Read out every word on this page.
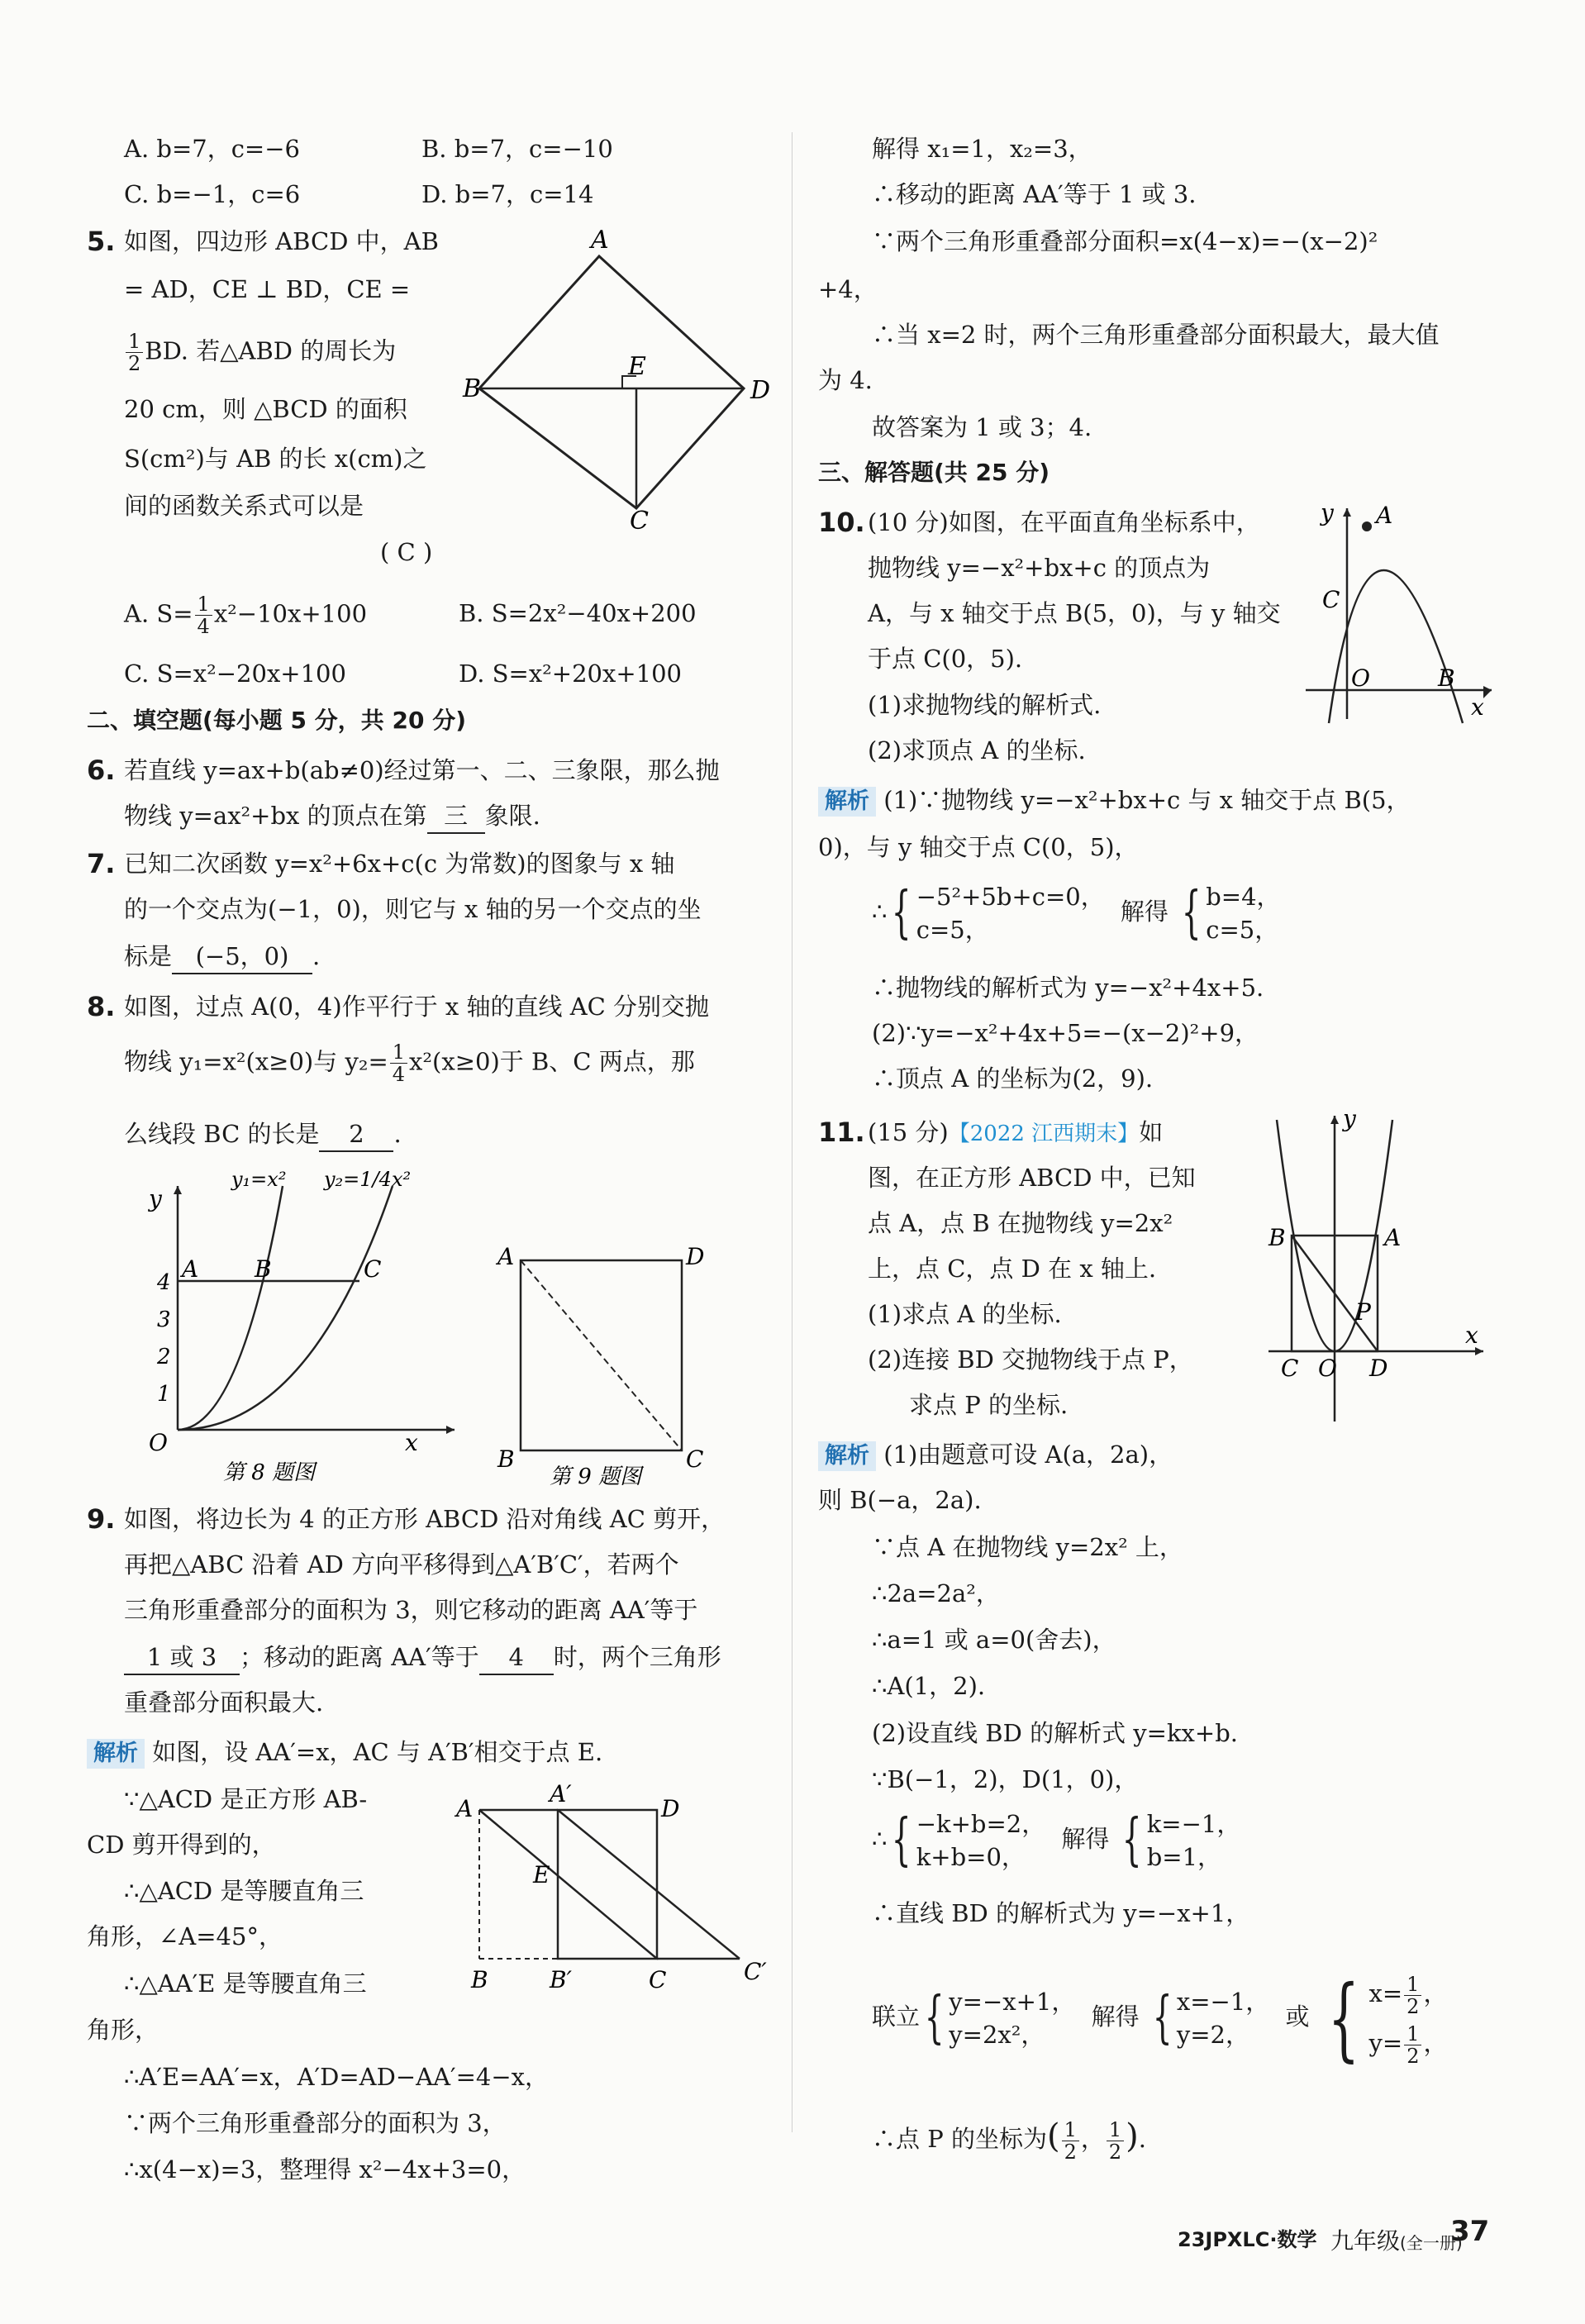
A. b=7，c=−6	B. b=7，c=−10
C. b=−1，c=6	D. b=7，c=14
5. 如图，四边形 ABCD 中，AB
= AD，CE ⊥ BD，CE =
$\frac{1}{2}$ BD. 若△ABD 的周长为
20 cm，则 △BCD 的面积
S(cm²)与 AB 的长 x(cm)之
间的函数关系式可以是
( C )
A
B
C
D
E
A. $S= \frac{1}{4} x^2-10x+100$	B. S=2x²−40x+200
C. S=x²−20x+100	D. S=x²+20x+100
二、填空题(每小题 5 分，共 20 分)
6. 若直线 y=ax+b(ab≠0)经过第一、二、三象限，那么抛
物线 y=ax²+bx 的顶点在第 三 象限.
7. 已知二次函数 y=x²+6x+c(c 为常数)的图象与 x 轴
的一个交点为(−1，0)，则它与 x 轴的另一个交点的坐
标是 (−5，0) .
8. 如图，过点 A(0，4)作平行于 x 轴的直线 AC 分别交抛
物线 y₁=x²(x≥0)与 $y_2= \frac{1}{4} x^2(x\ge 0)$于 B、C 两点，那
么线段 BC 的长是 2 .
y₁=x² y₂=1/4x²
4
3
2
1
A B	C
O	x
y
第 8 题图
A	D
B	C
第 9 题图
9. 如图，将边长为 4 的正方形 ABCD 沿对角线 AC 剪开，
再把△ABC 沿着 AD 方向平移得到△A′B′C′，若两个
三角形重叠部分的面积为 3，则它移动的距离 AA′等于
1 或 3 ；移动的距离 AA′等于 4 时，两个三角形
重叠部分面积最大.
解析 如图，设 AA′=x，AC 与 A′B′相交于点 E.
∵△ACD 是正方形 AB-
CD 剪开得到的，
∴△ACD 是等腰直角三
角形，∠A=45°，
∴△AA′E 是等腰直角三
角形，
∴A′E=AA′=x，A′D=AD−AA′=4−x，
∵两个三角形重叠部分的面积为 3，
∴x(4−x)=3，整理得 x²−4x+3=0，
A
A′
D
E
B	B′	C	C′
解得 x₁=1，x₂=3，
∴移动的距离 AA′等于 1 或 3.
∵两个三角形重叠部分面积=x(4−x)=−(x−2)²
+4，
∴当 x=2 时，两个三角形重叠部分面积最大，最大值
为 4.
故答案为 1 或 3；4.
三、解答题(共 25 分)
10. (10 分)如图，在平面直角坐标系中，
抛物线 y=−x²+bx+c 的顶点为
A，与 x 轴交于点 B(5，0)，与 y 轴交
于点 C(0，5).
(1)求抛物线的解析式.
(2)求顶点 A 的坐标.
A
y
C
O	B
x
解析 (1)∵抛物线 y=−x²+bx+c 与 x 轴交于点 B(5，
0)，与 y 轴交于点 C(0，5)，
∴{ −5²+5b+c=0，
c=5，
解得 { b=4，
c=5，
∴抛物线的解析式为 y=−x²+4x+5.
(2)∵y=−x²+4x+5=−(x−2)²+9，
∴顶点 A 的坐标为(2，9).
11. (15 分)【2022 江西期末】如
图，在正方形 ABCD 中，已知
点 A，点 B 在抛物线 y=2x²
上，点 C，点 D 在 x 轴上.
(1)求点 A 的坐标.
(2)连接 BD 交抛物线于点 P，
求点 P 的坐标.
B	A
P
C O D
x
y
解析 (1)由题意可设 A(a，2a)，
则 B(−a，2a).
∵点 A 在抛物线 y=2x² 上，
∴2a=2a²，
∴a=1 或 a=0(舍去)，
∴A(1，2).
(2)设直线 BD 的解析式 y=kx+b.
∵B(−1，2)，D(1，0)，
∴{ −k+b=2，
k+b=0，
解得 { k=−1，
b=1，
∴直线 BD 的解析式为 y=−x+1，
联立{ y=−x+1，
y=2x²，
解得 { x=−1，
y=2，
或 { $x= \frac{1}{2}$ ，
$y= \frac{1}{2}$ ，
∴点 P 的坐标为( $\frac{1}{2}$ ， $\frac{1}{2}$ ).
23JPXLC·数学 九年级(全一册)
37
